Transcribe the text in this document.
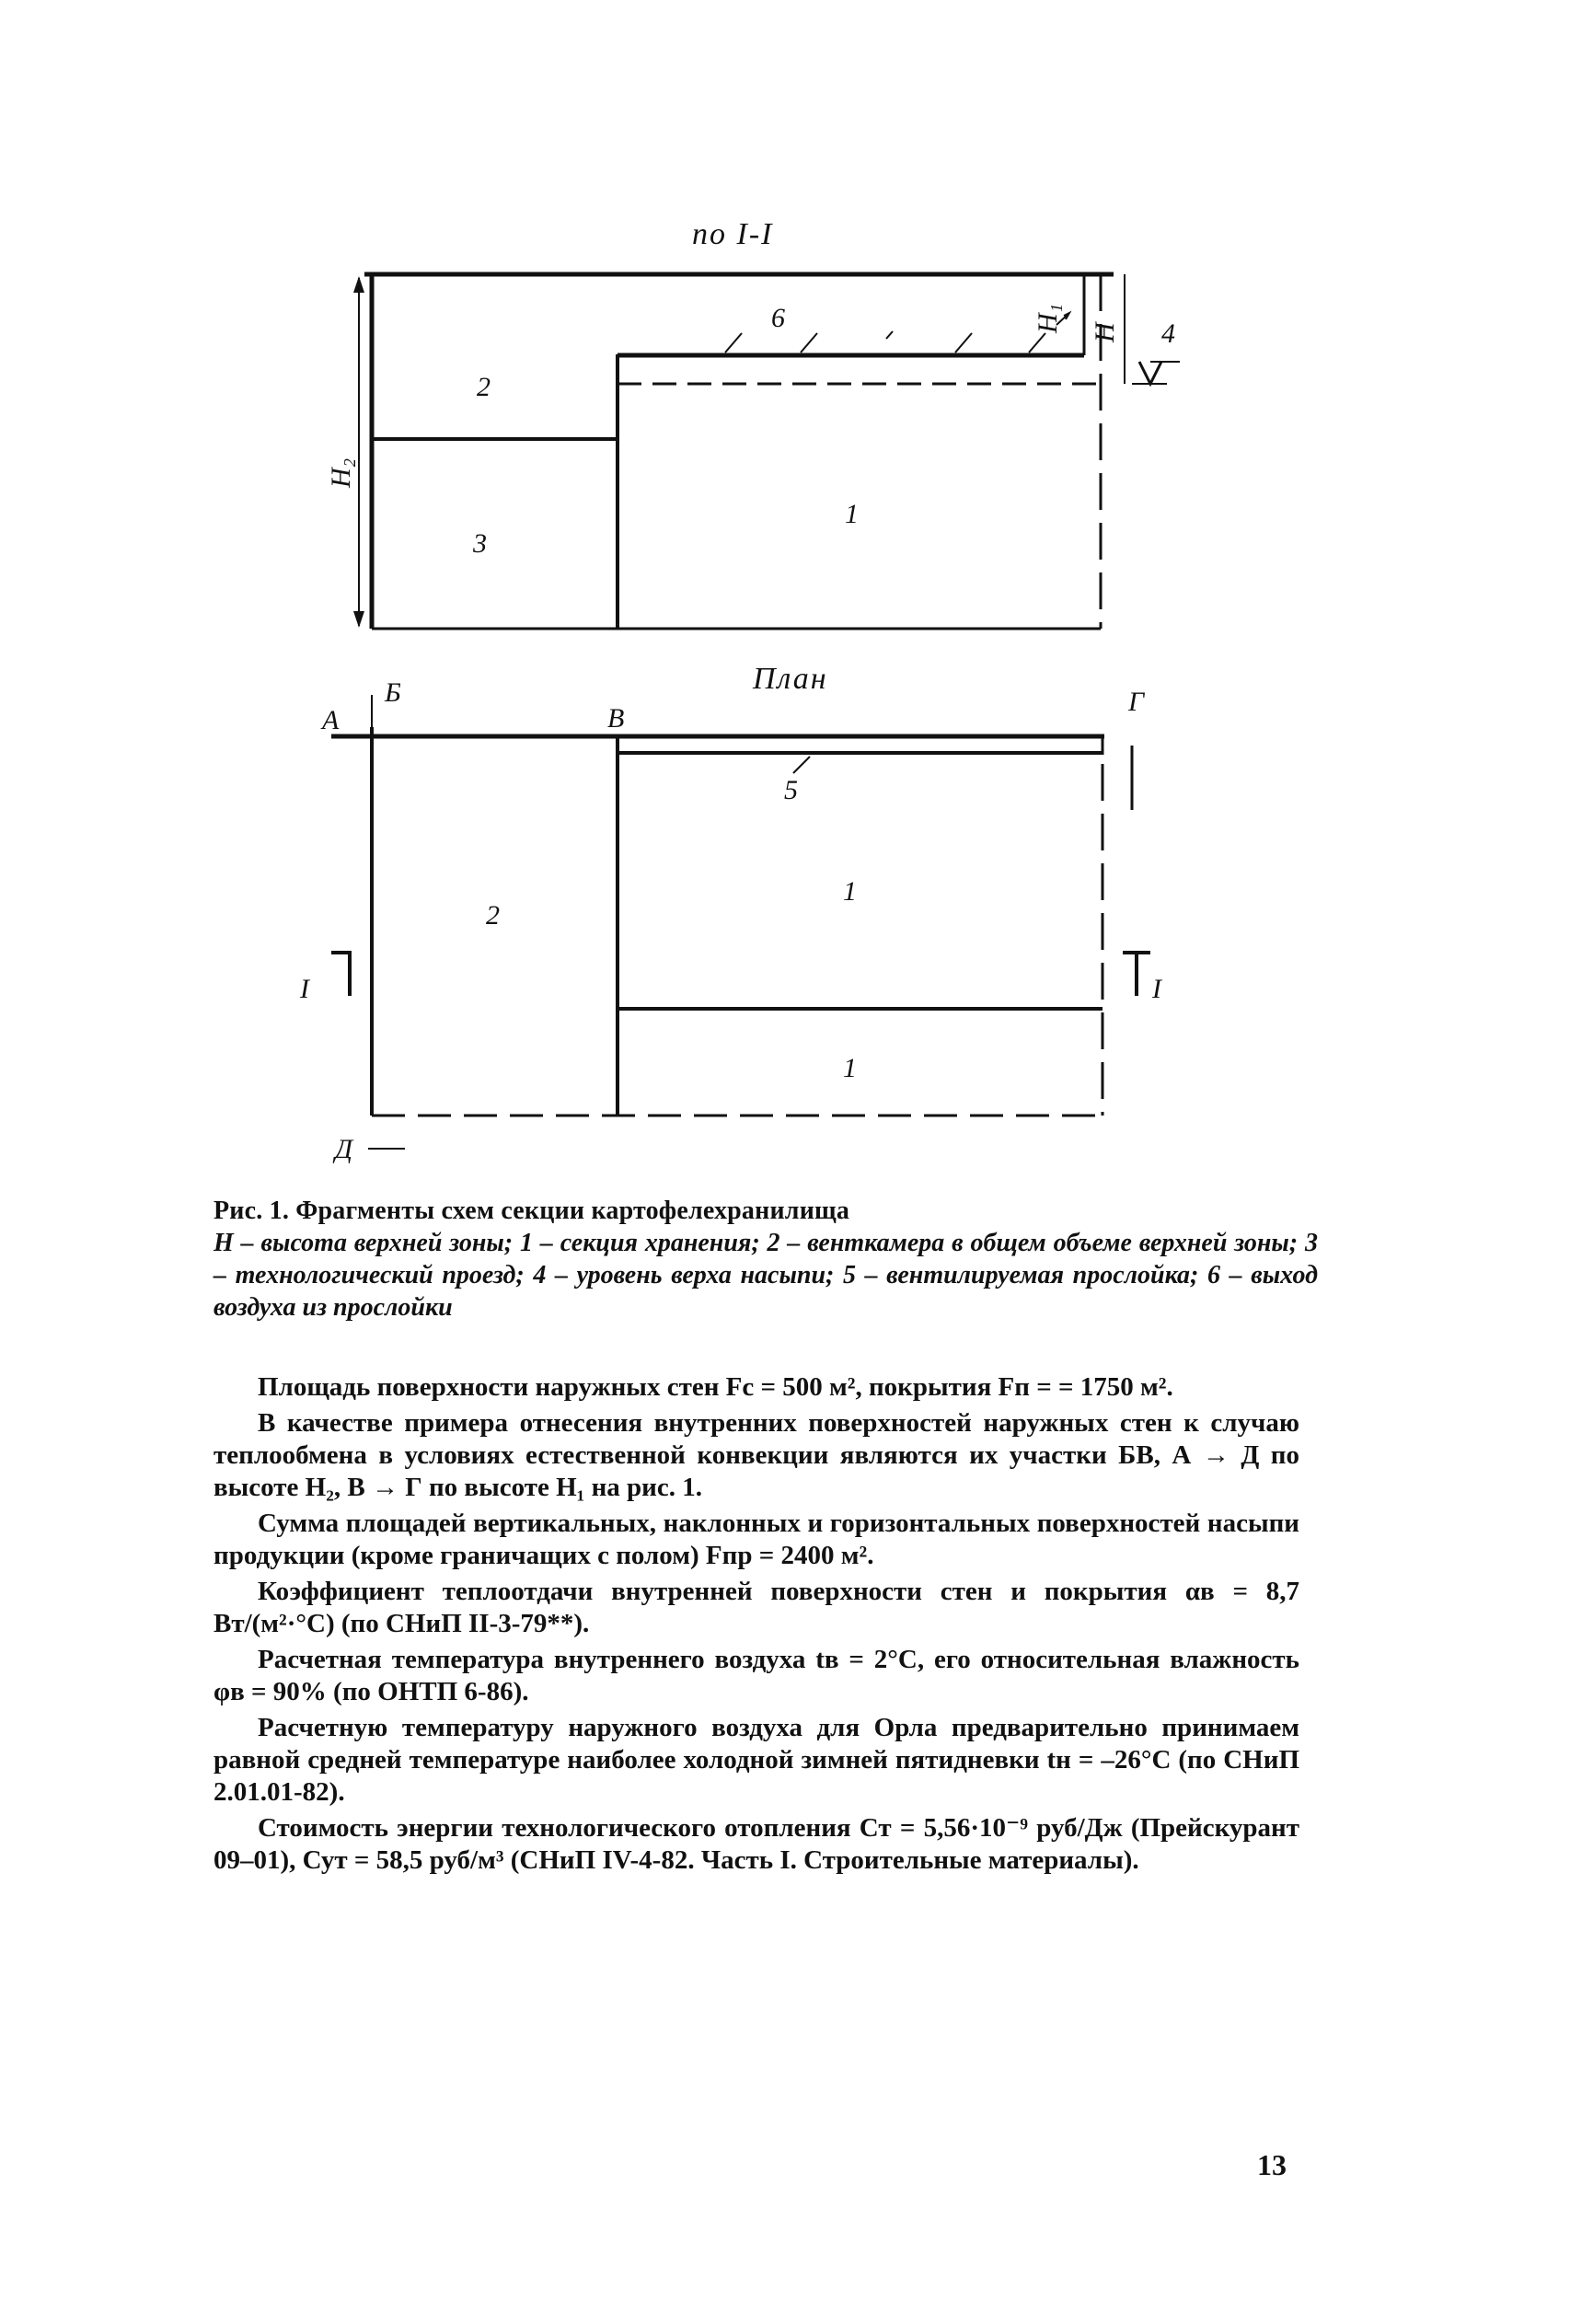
по I-I
2
3
1
6	H₁ H
H₂
4
План
А
Б
В
Г
Д
5
1
1
2
I	I
Рис. 1. Фрагменты схем секции картофелехранилища
Н – высота верхней зоны; 1 – секция хранения; 2 – венткамера в общем объеме верхней зоны; 3 – технологический проезд; 4 – уровень верха насыпи; 5 – вентилируемая прослойка; 6 – выход воздуха из прослойки

Площадь поверхности наружных стен Fс = 500 м², покрытия Fп = = 1750 м².

В качестве примера отнесения внутренних поверхностей наружных стен к случаю теплообмена в условиях естественной конвекции являются их участки БВ, А → Д по высоте H₂, В → Г по высоте H₁ на рис. 1.

Сумма площадей вертикальных, наклонных и горизонтальных поверхностей насыпи продукции (кроме граничащих с полом) Fпр = 2400 м².

Коэффициент теплоотдачи внутренней поверхности стен и покрытия αв = 8,7 Вт/(м²·°С) (по СНиП II-3-79**).

Расчетная температура внутреннего воздуха tв = 2°С, его относительная влажность φв = 90% (по ОНТП 6-86).

Расчетную температуру наружного воздуха для Орла предварительно принимаем равной средней температуре наиболее холодной зимней пятидневки tн = –26°С (по СНиП 2.01.01-82).

Стоимость энергии технологического отопления Ст = 5,56·10⁻⁹ руб/Дж (Прейскурант 09–01), Сут = 58,5 руб/м³ (СНиП IV-4-82. Часть I. Строительные материалы).

13
